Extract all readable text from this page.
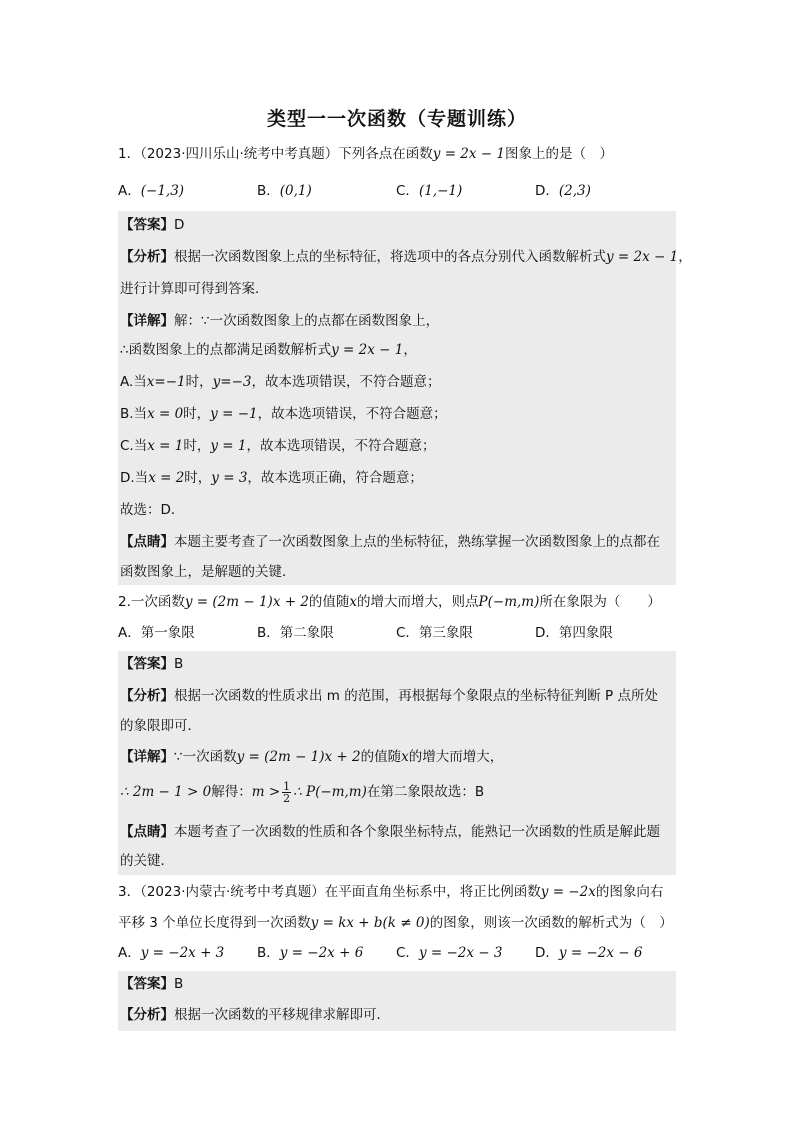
类型一一次函数（专题训练）
1．（2023·四川乐山·统考中考真题）下列各点在函数y = 2x − 1图象上的是（　）
A．(−1,3)	B．(0,1)	C．(1,−1)	D．(2,3)
【答案】D
【分析】根据一次函数图象上点的坐标特征，将选项中的各点分别代入函数解析式y = 2x − 1，
进行计算即可得到答案．
【详解】解：∵一次函数图象上的点都在函数图象上，
∴函数图象上的点都满足函数解析式y = 2x − 1，
A.当x=−1时，y=−3，故本选项错误，不符合题意；
B.当x = 0时，y = −1，故本选项错误，不符合题意；
C.当x = 1时，y = 1，故本选项错误，不符合题意；
D.当x = 2时，y = 3，故本选项正确，符合题意；
故选：D．
【点睛】本题主要考查了一次函数图象上点的坐标特征，熟练掌握一次函数图象上的点都在
函数图象上，是解题的关键．
2.一次函数y = (2m − 1)x + 2的值随x的增大而增大，则点P(−m,m)所在象限为（　　）
A．第一象限	B．第二象限	C．第三象限	D．第四象限
【答案】B
【分析】根据一次函数的性质求出 m 的范围，再根据每个象限点的坐标特征判断 P 点所处
的象限即可．
【详解】∵一次函数y = (2m − 1)x + 2的值随x的增大而增大，
∴ 2m − 1 > 0解得：$m > \frac{1}{2}$ ∴ P(−m,m)在第二象限故选：B
【点睛】本题考查了一次函数的性质和各个象限坐标特点，能熟记一次函数的性质是解此题
的关键．
3．（2023·内蒙古·统考中考真题）在平面直角坐标系中，将正比例函数y = −2x的图象向右
平移 3 个单位长度得到一次函数y = kx + b(k ≠ 0)的图象，则该一次函数的解析式为（　）
A．y = −2x + 3 B．y = −2x + 6 C．y = −2x − 3 D．y = −2x − 6
【答案】B
【分析】根据一次函数的平移规律求解即可．
